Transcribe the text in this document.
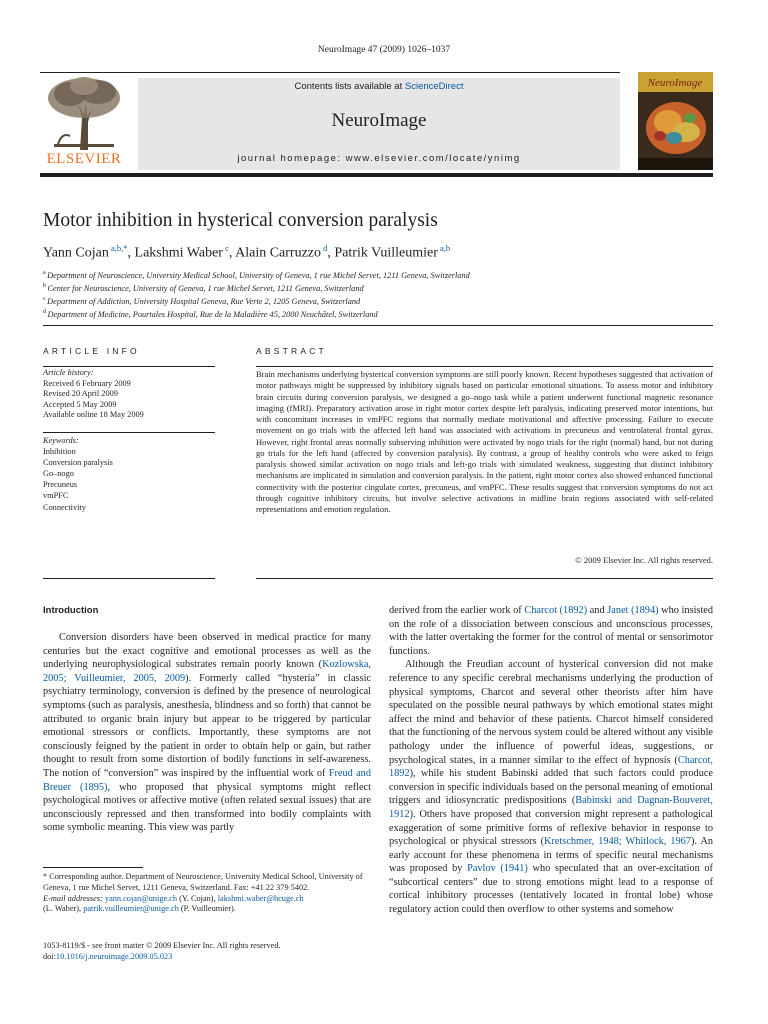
NeuroImage 47 (2009) 1026–1037
ELSEVIER
Contents lists available at ScienceDirect
NeuroImage
journal homepage: www.elsevier.com/locate/ynimg
NeuroImage
Motor inhibition in hysterical conversion paralysis
Yann Cojan $^{a,b,*}$, Lakshmi Waber $^c$, Alain Carruzzo $^d$, Patrik Vuilleumier $^{a,b}$
$^a$ Department of Neuroscience, University Medical School, University of Geneva, 1 rue Michel Servet, 1211 Geneva, Switzerland
$^b$ Center for Neuroscience, University of Geneva, 1 rue Michel Servet, 1211 Geneva, Switzerland
$^c$ Department of Addiction, University Hospital Geneva, Rue Verte 2, 1205 Geneva, Switzerland
$^d$ Department of Medicine, Pourtales Hospital, Rue de la Maladière 45, 2000 Neuchâtel, Switzerland
ARTICLE INFO	ABSTRACT
Article history:
Received 6 February 2009
Revised 20 April 2009
Accepted 5 May 2009
Available online 18 May 2009
Keywords:
Inhibition
Conversion paralysis
Go–nogo
Precuneus
vmPFC
Connectivity
Brain mechanisms underlying hysterical conversion symptoms are still poorly known. Recent hypotheses suggested that activation of motor pathways might be suppressed by inhibitory signals based on particular emotional situations. To assess motor and inhibitory brain circuits during conversion paralysis, we designed a go–nogo task while a patient underwent functional magnetic resonance imaging (fMRI). Preparatory activation arose in right motor cortex despite left paralysis, indicating preserved motor intentions, but with concomitant increases in vmPFC regions that normally mediate motivational and affective processing. Failure to execute movement on go trials with the affected left hand was associated with activations in precuneus and ventrolateral frontal gyrus. However, right frontal areas normally subserving inhibition were activated by nogo trials for the right (normal) hand, but not during go trials for the left hand (affected by conversion paralysis). By contrast, a group of healthy controls who were asked to feign paralysis showed similar activation on nogo trials and left-go trials with simulated weakness, suggesting that distinct inhibitory mechanisms are implicated in simulation and conversion paralysis. In the patient, right motor cortex also showed enhanced functional connectivity with the posterior cingulate cortex, precuneus, and vmPFC. These results suggest that conversion symptoms do not act through cognitive inhibitory circuits, but involve selective activations in midline brain regions associated with self-related representations and emotion regulation.
© 2009 Elsevier Inc. All rights reserved.
Introduction

Conversion disorders have been observed in medical practice for many centuries but the exact cognitive and emotional processes as well as the underlying neurophysiological substrates remain poorly known (Kozlowska, 2005; Vuilleumier, 2005, 2009). Formerly called “hysteria” in classic psychiatry terminology, conversion is defined by the presence of neurological symptoms (such as paralysis, anesthesia, blindness and so forth) that cannot be attributed to organic brain injury but appear to be triggered by particular emotional stressors or conflicts. Importantly, these symptoms are not consciously feigned by the patient in order to obtain help or gain, but rather thought to result from some distortion of bodily functions in self-awareness. The notion of “conversion” was inspired by the influential work of Freud and Breuer (1895), who proposed that physical symptoms might reflect psychological motives or affective motive (often related sexual issues) that are unconsciously repressed and then transformed into bodily complaints with some symbolic meaning. This view was partly

derived from the earlier work of Charcot (1892) and Janet (1894) who insisted on the role of a dissociation between conscious and unconscious processes, with the latter overtaking the former for the control of mental or sensorimotor functions.

Although the Freudian account of hysterical conversion did not make reference to any specific cerebral mechanisms underlying the production of physical symptoms, Charcot and several other theorists after him have speculated on the possible neural pathways by which emotional states might affect the mind and behavior of these patients. Charcot himself considered that the functioning of the nervous system could be altered without any visible pathology under the influence of powerful ideas, suggestions, or psychological states, in a manner similar to the effect of hypnosis (Charcot, 1892), while his student Babinski added that such factors could produce conversion in specific individuals based on the personal meaning of emotional triggers and idiosyncratic predispositions (Babinski and Dagnan-Bouveret, 1912). Others have proposed that conversion might represent a pathological exaggeration of some primitive forms of reflexive behavior in response to psychological or physical stressors (Kretschmer, 1948; Whitlock, 1967). An early account for these phenomena in terms of specific neural mechanisms was proposed by Pavlov (1941) who speculated that an over-excitation of “subcortical centers” due to strong emotions might lead to a response of cortical inhibitory processes (tentatively located in frontal lobe) whose regulatory action could then overflow to other systems and somehow

* Corresponding author. Department of Neuroscience, University Medical School, University of Geneva, 1 rue Michel Servet, 1211 Geneva, Switzerland. Fax: +41 22 379 5402.
E-mail addresses: yann.cojan@unige.ch (Y. Cojan), lakshmi.waber@hcuge.ch
(L. Waber), patrik.vuilleumier@unige.ch (P. Vuilleumier).
1053-8119/$ - see front matter © 2009 Elsevier Inc. All rights reserved.
doi:10.1016/j.neuroimage.2009.05.023
